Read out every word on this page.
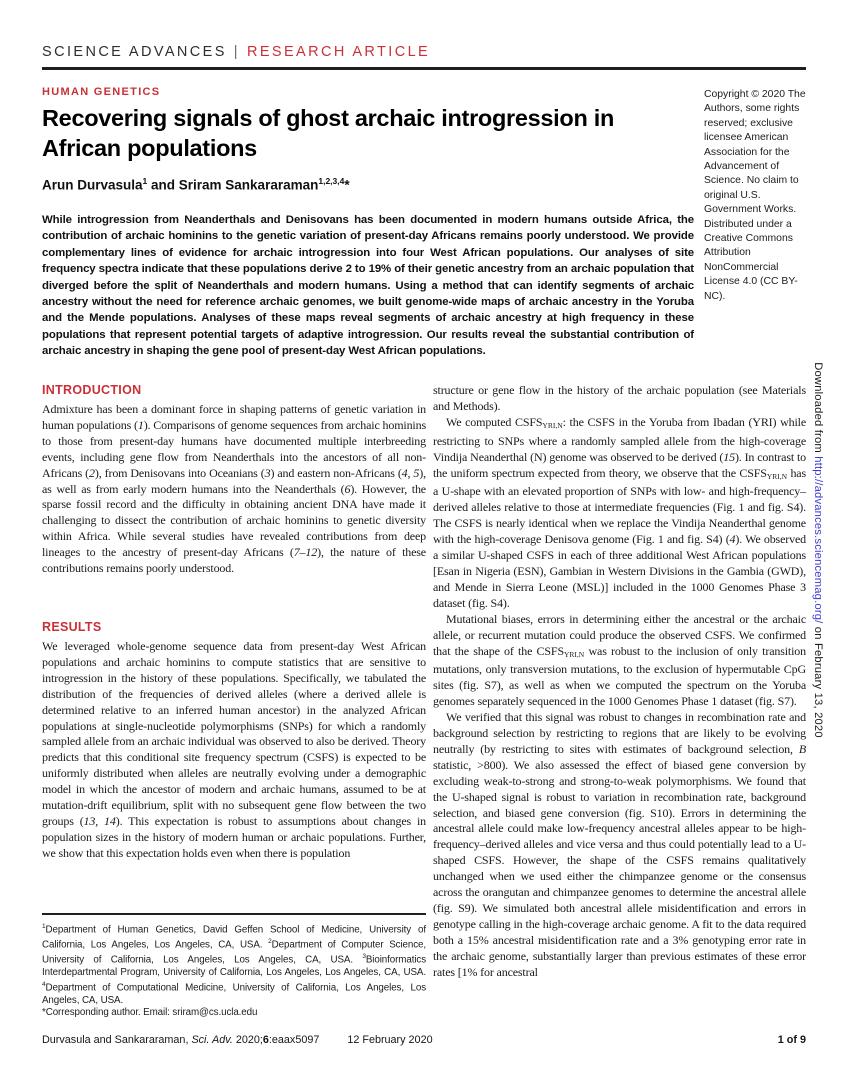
SCIENCE ADVANCES | RESEARCH ARTICLE
HUMAN GENETICS
Recovering signals of ghost archaic introgression in
African populations
Arun Durvasula$^1$ and Sriram Sankararaman$^{1,2,3,4}$*

While introgression from Neanderthals and Denisovans has been documented in modern humans outside Africa, the contribution of archaic hominins to the genetic variation of present-day Africans remains poorly understood. We provide complementary lines of evidence for archaic introgression into four West African populations. Our analyses of site frequency spectra indicate that these populations derive 2 to 19% of their genetic ancestry from an archaic population that diverged before the split of Neanderthals and modern humans. Using a method that can identify segments of archaic ancestry without the need for reference archaic genomes, we built genome-wide maps of archaic ancestry in the Yoruba and the Mende populations. Analyses of these maps reveal segments of archaic ancestry at high frequency in these populations that represent potential targets of adaptive introgression. Our results reveal the substantial contribution of archaic ancestry in shaping the gene pool of present-day West African populations.

Copyright © 2020 The Authors, some rights reserved; exclusive licensee American Association for the Advancement of Science. No claim to original U.S. Government Works. Distributed under a Creative Commons Attribution NonCommercial License 4.0 (CC BY-NC).
INTRODUCTION

Admixture has been a dominant force in shaping patterns of genetic variation in human populations (1). Comparisons of genome sequences from archaic hominins to those from present-day humans have documented multiple interbreeding events, including gene flow from Neanderthals into the ancestors of all non-Africans (2), from Denisovans into Oceanians (3) and eastern non-Africans (4, 5), as well as from early modern humans into the Neanderthals (6). However, the sparse fossil record and the difficulty in obtaining ancient DNA have made it challenging to dissect the contribution of archaic hominins to genetic diversity within Africa. While several studies have revealed contributions from deep lineages to the ancestry of present-day Africans (7–12), the nature of these contributions remains poorly understood.

RESULTS

We leveraged whole-genome sequence data from present-day West African populations and archaic hominins to compute statistics that are sensitive to introgression in the history of these populations. Specifically, we tabulated the distribution of the frequencies of derived alleles (where a derived allele is determined relative to an inferred human ancestor) in the analyzed African populations at single-nucleotide polymorphisms (SNPs) for which a randomly sampled allele from an archaic individual was observed to also be derived. Theory predicts that this conditional site frequency spectrum (CSFS) is expected to be uniformly distributed when alleles are neutrally evolving under a demographic model in which the ancestor of modern and archaic humans, assumed to be at mutation-drift equilibrium, split with no subsequent gene flow between the two groups (13, 14). This expectation is robust to assumptions about changes in population sizes in the history of modern human or archaic populations. Further, we show that this expectation holds even when there is population

$^1$Department of Human Genetics, David Geffen School of Medicine, University of California, Los Angeles, Los Angeles, CA, USA. $^2$Department of Computer Science, University of California, Los Angeles, Los Angeles, CA, USA. $^3$Bioinformatics Interdepartmental Program, University of California, Los Angeles, Los Angeles, CA, USA. $^4$Department of Computational Medicine, University of California, Los Angeles, Los Angeles, CA, USA.

*Corresponding author. Email: sriram@cs.ucla.edu

structure or gene flow in the history of the archaic population (see Materials and Methods).

We computed $CSFS_{YRI,N}$: the CSFS in the Yoruba from Ibadan (YRI) while restricting to SNPs where a randomly sampled allele from the high-coverage Vindija Neanderthal (N) genome was observed to be derived (15). In contrast to the uniform spectrum expected from theory, we observe that the $CSFS_{YRI,N}$ has a U-shape with an elevated proportion of SNPs with low- and high-frequency–derived alleles relative to those at intermediate frequencies (Fig. 1 and fig. S4). The CSFS is nearly identical when we replace the Vindija Neanderthal genome with the high-coverage Denisova genome (Fig. 1 and fig. S4) (4). We observed a similar U-shaped CSFS in each of three additional West African populations [Esan in Nigeria (ESN), Gambian in Western Divisions in the Gambia (GWD), and Mende in Sierra Leone (MSL)] included in the 1000 Genomes Phase 3 dataset (fig. S4).

Mutational biases, errors in determining either the ancestral or the archaic allele, or recurrent mutation could produce the observed CSFS. We confirmed that the shape of the $CSFS_{YRI,N}$ was robust to the inclusion of only transition mutations, only transversion mutations, to the exclusion of hypermutable CpG sites (fig. S7), as well as when we computed the spectrum on the Yoruba genomes separately sequenced in the 1000 Genomes Phase 1 dataset (fig. S7).

We verified that this signal was robust to changes in recombination rate and background selection by restricting to regions that are likely to be evolving neutrally (by restricting to sites with estimates of background selection, B statistic, >800). We also assessed the effect of biased gene conversion by excluding weak-to-strong and strong-to-weak polymorphisms. We found that the U-shaped signal is robust to variation in recombination rate, background selection, and biased gene conversion (fig. S10). Errors in determining the ancestral allele could make low-frequency ancestral alleles appear to be high-frequency–derived alleles and vice versa and thus could potentially lead to a U-shaped CSFS. However, the shape of the CSFS remains qualitatively unchanged when we used either the chimpanzee genome or the consensus across the orangutan and chimpanzee genomes to determine the ancestral allele (fig. S9). We simulated both ancestral allele misidentification and errors in genotype calling in the high-coverage archaic genome. A fit to the data required both a 15% ancestral misidentification rate and a 3% genotyping error rate in the archaic genome, substantially larger than previous estimates of these error rates [1% for ancestral

Durvasula and Sankararaman, Sci. Adv. 2020;6:eaax5097	12 February 2020	1 of 9
Downloaded from http://advances.sciencemag.org/ on February 13, 2020
